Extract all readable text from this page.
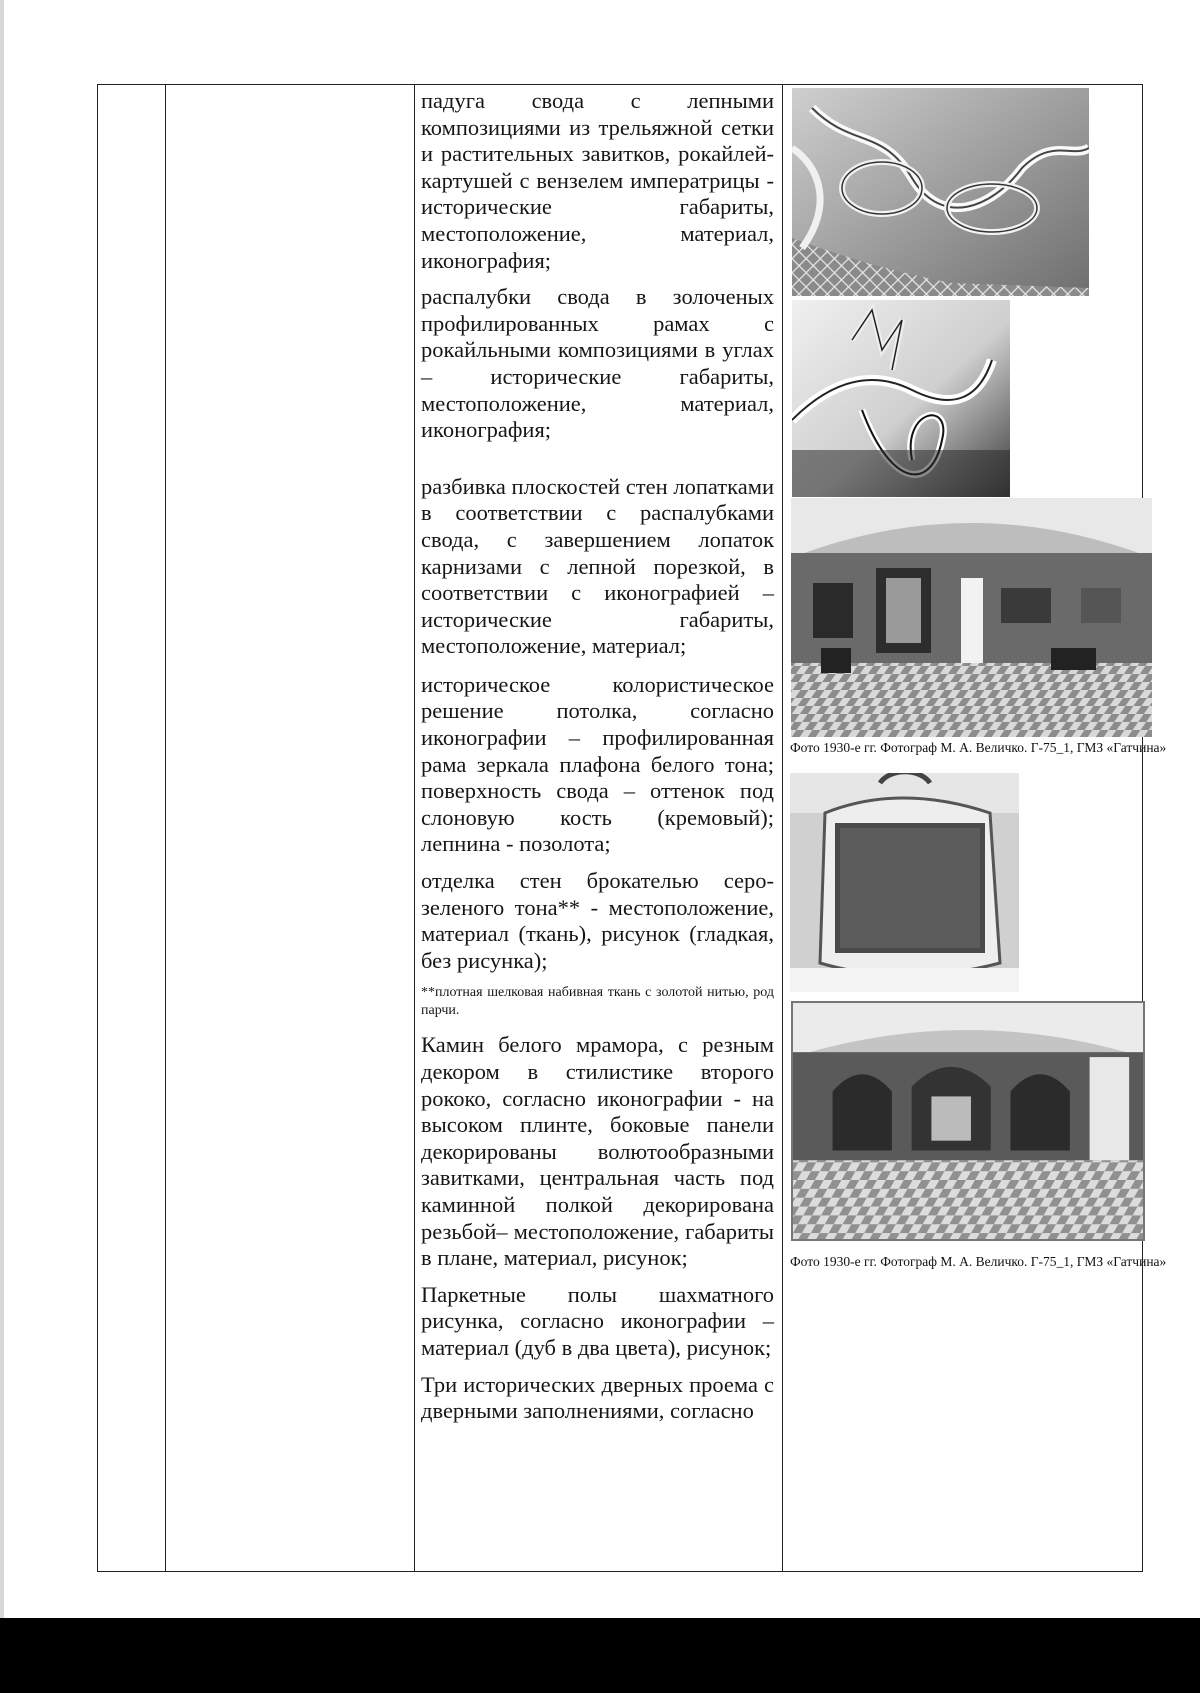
падуга свода с лепными композициями из трельяжной сетки и растительных завитков, рокайлей-картушей с вензелем императрицы - исторические габариты, местоположение, материал, иконография;

распалубки свода в золоченых профилированных рамах с рокайльными композициями в углах – исторические габариты, местоположение, материал, иконография;

разбивка плоскостей стен лопатками в соответствии с распалубками свода, с завершением лопаток карнизами с лепной порезкой, в соответствии с иконографией – исторические габариты, местоположение, материал;

историческое колористическое решение потолка, согласно иконографии – профилированная рама зеркала плафона белого тона; поверхность свода – оттенок под слоновую кость (кремовый); лепнина - позолота;

отделка стен брокателью серо-зеленого тона** - местоположение, материал (ткань), рисунок (гладкая, без рисунка);

**плотная шелковая набивная ткань с золотой нитью, род парчи.

Камин белого мрамора, с резным декором в стилистике второго рококо, согласно иконографии - на высоком плинте, боковые панели декорированы волютообразными завитками, центральная часть под каминной полкой декорирована резьбой– местоположение, габариты в плане, материал, рисунок;

Паркетные полы шахматного рисунка, согласно иконографии – материал (дуб в два цвета), рисунок;

Три исторических дверных проема с дверными заполнениями, согласно

Фото 1930-е гг. Фотограф М. А. Величко. Г-75_1, ГМЗ «Гатчина»
Фото 1930-е гг. Фотограф М. А. Величко. Г-75_1, ГМЗ «Гатчина»
